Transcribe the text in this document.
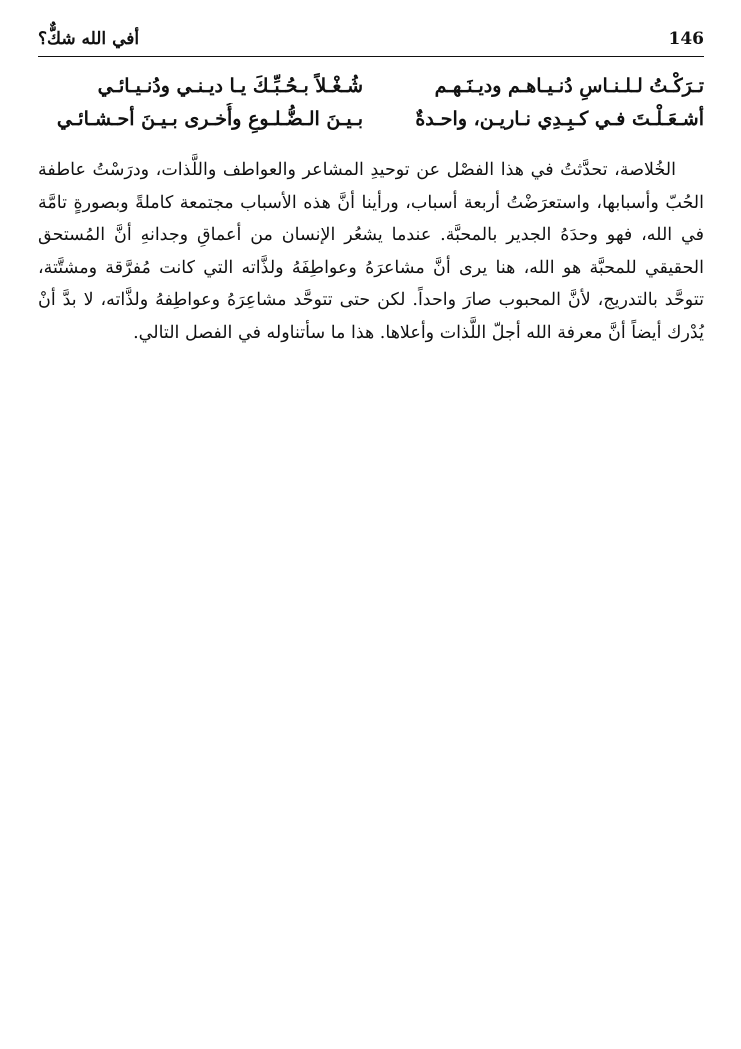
أفي الله شكٌّ؟	146
تـرَكْـتُ لـلـنـاسِ دُنـيـاهـم وديـنَـهـم
شُـغْـلاً بـحُـبِّـكَ يـا ديـنـي ودُنـيـائـي
أشـعَـلْـتَ فـي كـبِـدِي نـاريـن، واحـدةٌ
بـيـنَ الـضُّـلـوعِ وأُخـرى بـيـنَ أحـشـائـي

الخُلاصة، تحدَّثتُ في هذا الفصْل عن توحيدِ المشاعر والعواطف واللَّذات، ودرَسْتُ عاطفة الحُبّ وأسبابها، واستعرَضْتُ أربعة أسباب، ورأينا أنَّ هذه الأسباب مجتمعة كاملةً وبصورةٍ تامَّة في الله، فهو وحدَهُ الجدير بالمحبَّة. عندما يشعُر الإنسان من أعماقِ وجدانهِ أنَّ المُستحق الحقيقي للمحبَّة هو الله، هنا يرى أنَّ مشاعرَهُ وعواطِفَهُ ولذَّاته التي كانت مُفرَّقة ومشتَّتة، تتوحَّد بالتدريج، لأنَّ المحبوب صارَ واحداً. لكن حتى تتوحَّد مشاعِرَهُ وعواطِفهُ ولذَّاته، لا بدَّ أنْ يُدْرك أيضاً أنَّ معرفة الله أجلّ اللَّذات وأعلاها. هذا ما سأتناوله في الفصل التالي.
